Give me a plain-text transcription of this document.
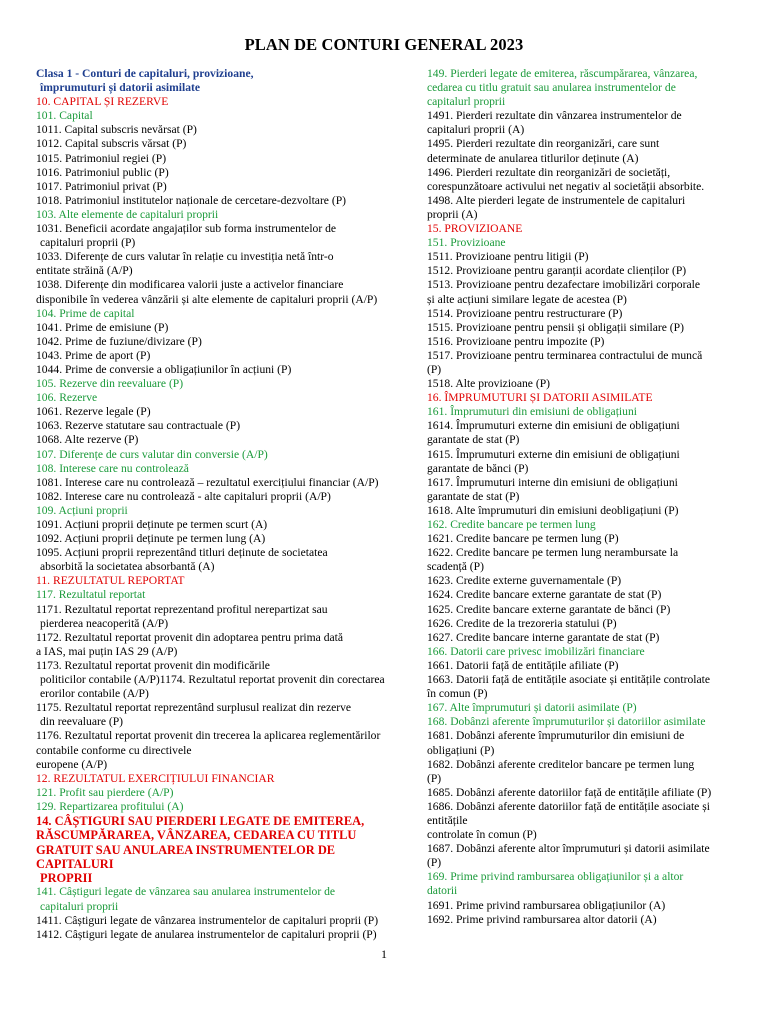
PLAN DE CONTURI GENERAL 2023
Clasa 1 - Conturi de capitaluri, provizioane,
împrumuturi și datorii asimilate
10. CAPITAL ȘI REZERVE
101. Capital
1011. Capital subscris nevărsat (P)
1012. Capital subscris vărsat (P)
1015. Patrimoniul regiei (P)
1016. Patrimoniul public (P)
1017. Patrimoniul privat (P)
1018. Patrimoniul institutelor naționale de cercetare-dezvoltare (P)
103. Alte elemente de capitaluri proprii
1031. Beneficii acordate angajaților sub forma instrumentelor de
capitaluri proprii (P)
1033. Diferențe de curs valutar în relație cu investiția netă într-o
entitate străină (A/P)
1038. Diferențe din modificarea valorii juste a activelor financiare
disponibile în vederea vânzării și alte elemente de capitaluri proprii (A/P)
104. Prime de capital
1041. Prime de emisiune (P)
1042. Prime de fuziune/divizare (P)
1043. Prime de aport (P)
1044. Prime de conversie a obligațiunilor în acțiuni (P)
105. Rezerve din reevaluare (P)
106. Rezerve
1061. Rezerve legale (P)
1063. Rezerve statutare sau contractuale (P)
1068. Alte rezerve (P)
107. Diferențe de curs valutar din conversie (A/P)
108. Interese care nu controlează
1081. Interese care nu controlează – rezultatul exercițiului financiar (A/P)
1082. Interese care nu controlează - alte capitaluri proprii (A/P)
109. Acțiuni proprii
1091. Acțiuni proprii deținute pe termen scurt (A)
1092. Acțiuni proprii deținute pe termen lung (A)
1095. Acțiuni proprii reprezentând titluri deținute de societatea
absorbită la societatea absorbantă (A)
11. REZULTATUL REPORTAT
117. Rezultatul reportat
1171. Rezultatul reportat reprezentand profitul nerepartizat sau
pierderea neacoperită (A/P)
1172. Rezultatul reportat provenit din adoptarea pentru prima dată
a IAS, mai puțin IAS 29 (A/P)
1173. Rezultatul reportat provenit din modificările
politicilor contabile (A/P)1174. Rezultatul reportat provenit din corectarea
erorilor contabile (A/P)
1175. Rezultatul reportat reprezentând surplusul realizat din rezerve
din reevaluare (P)
1176. Rezultatul reportat provenit din trecerea la aplicarea reglementărilor
contabile conforme cu directivele
europene (A/P)
12. REZULTATUL EXERCIȚIULUI FINANCIAR
121. Profit sau pierdere (A/P)
129. Repartizarea profitului (A)
14. CÂȘTIGURI SAU PIERDERI LEGATE DE EMITEREA,
RĂSCUMPĂRAREA, VÂNZAREA, CEDAREA CU TITLU
GRATUIT SAU ANULAREA INSTRUMENTELOR DE CAPITALURI
PROPRII
141. Câștiguri legate de vânzarea sau anularea instrumentelor de
capitaluri proprii
1411. Câștiguri legate de vânzarea instrumentelor de capitaluri proprii (P)
1412. Câștiguri legate de anularea instrumentelor de capitaluri proprii (P)
149. Pierderi legate de emiterea, răscumpărarea, vânzarea,
cedarea cu titlu gratuit sau anularea instrumentelor de
capitalurl proprii
1491. Pierderi rezultate din vânzarea instrumentelor de
capitaluri proprii (A)
1495. Pierderi rezultate din reorganizări, care sunt
determinate de anularea titlurilor deținute (A)
1496. Pierderi rezultate din reorganizări de societăți,
corespunzătoare activului net negativ al societății absorbite.
1498. Alte pierderi legate de instrumentele de capitaluri
proprii (A)
15. PROVIZIOANE
151. Provizioane
1511. Provizioane pentru litigii (P)
1512. Provizioane pentru garanții acordate clienților (P)
1513. Provizioane pentru dezafectare imobilizări corporale
și alte acțiuni similare legate de acestea (P)
1514. Provizioane pentru restructurare (P)
1515. Provizioane pentru pensii și obligații similare (P)
1516. Provizioane pentru impozite (P)
1517. Provizioane pentru terminarea contractului de muncă
(P)
1518. Alte provizioane (P)
16. ÎMPRUMUTURI ȘI DATORII ASIMILATE
161. Împrumuturi din emisiuni de obligațiuni
1614. Împrumuturi externe din emisiuni de obligațiuni
garantate de stat (P)
1615. Împrumuturi externe din emisiuni de obligațiuni
garantate de bănci (P)
1617. Împrumuturi interne din emisiuni de obligațiuni
garantate de stat (P)
1618. Alte împrumuturi din emisiuni deobligațiuni (P)
162. Credite bancare pe termen lung
1621. Credite bancare pe termen lung (P)
1622. Credite bancare pe termen lung nerambursate la
scadență (P)
1623. Credite externe guvernamentale (P)
1624. Credite bancare externe garantate de stat (P)
1625. Credite bancare externe garantate de bănci (P)
1626. Credite de la trezoreria statului (P)
1627. Credite bancare interne garantate de stat (P)
166. Datorii care privesc imobilizări financiare
1661. Datorii față de entitățile afiliate (P)
1663. Datorii față de entitățile asociate și entitățile controlate
în comun (P)
167. Alte împrumuturi și datorii asimilate (P)
168. Dobânzi aferente împrumuturilor și datoriilor asimilate
1681. Dobânzi aferente împrumuturilor din emisiuni de
obligațiuni (P)
1682. Dobânzi aferente creditelor bancare pe termen lung
(P)
1685. Dobânzi aferente datoriilor față de entitățile afiliate (P)
1686. Dobânzi aferente datoriilor față de entitățile asociate și
entitățile
controlate în comun (P)
1687. Dobânzi aferente altor împrumuturi și datorii asimilate
(P)
169. Prime privind rambursarea obligațiunilor și a altor
datorii
1691. Prime privind rambursarea obligațiunilor (A)
1692. Prime privind rambursarea altor datorii (A)
1
